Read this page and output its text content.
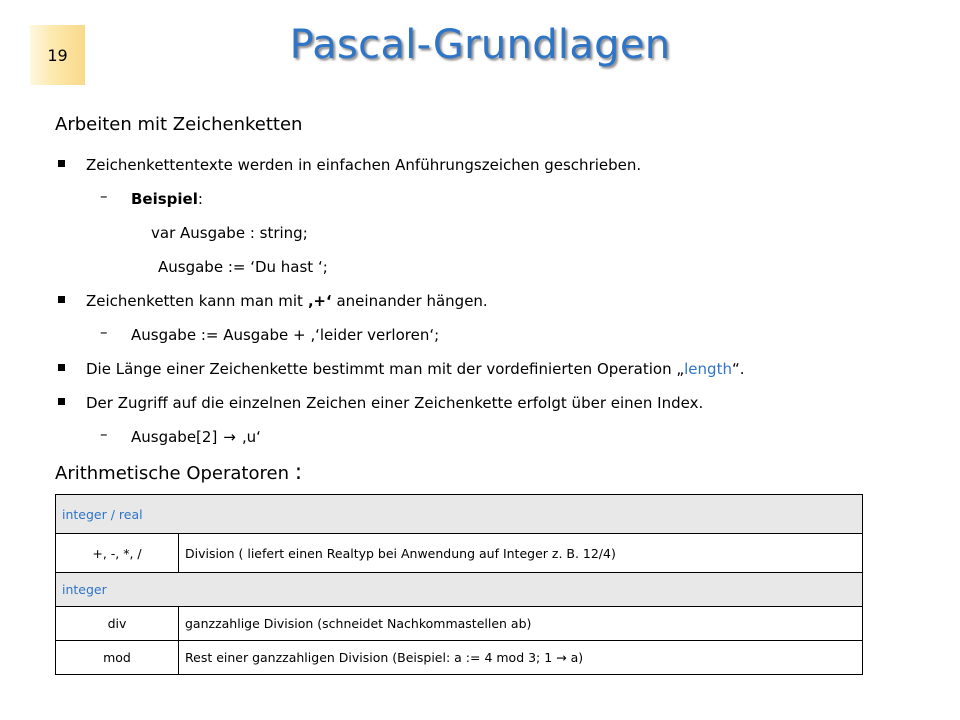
19	Pascal-Grundlagen
Arbeiten mit Zeichenketten
Zeichenkettentexte werden in einfachen Anführungszeichen geschrieben.
– Beispiel :
var Ausgabe : string;
Ausgabe := ‘Du hast ‘;
Zeichenketten kann man mit
‚+‘
aneinander hängen.
– Ausgabe := Ausgabe + ‚‘leider verloren‘;
Die Länge einer Zeichenkette bestimmt man mit der vordefinierten Operation „ length “.
Der Zugriff auf die einzelnen Zeichen einer Zeichenkette erfolgt über einen Index.
– Ausgabe[2] → ‚u‘
Arithmetische Operatoren :
integer / real	
+, -, *, /	Division ( liefert einen Realtyp bei Anwendung auf Integer z. B. 12/4)
integer	
div	ganzzahlige Division (schneidet Nachkommastellen ab)
mod	Rest einer ganzzahligen Division (Beispiel: a := 4 mod 3; 1 → a)
